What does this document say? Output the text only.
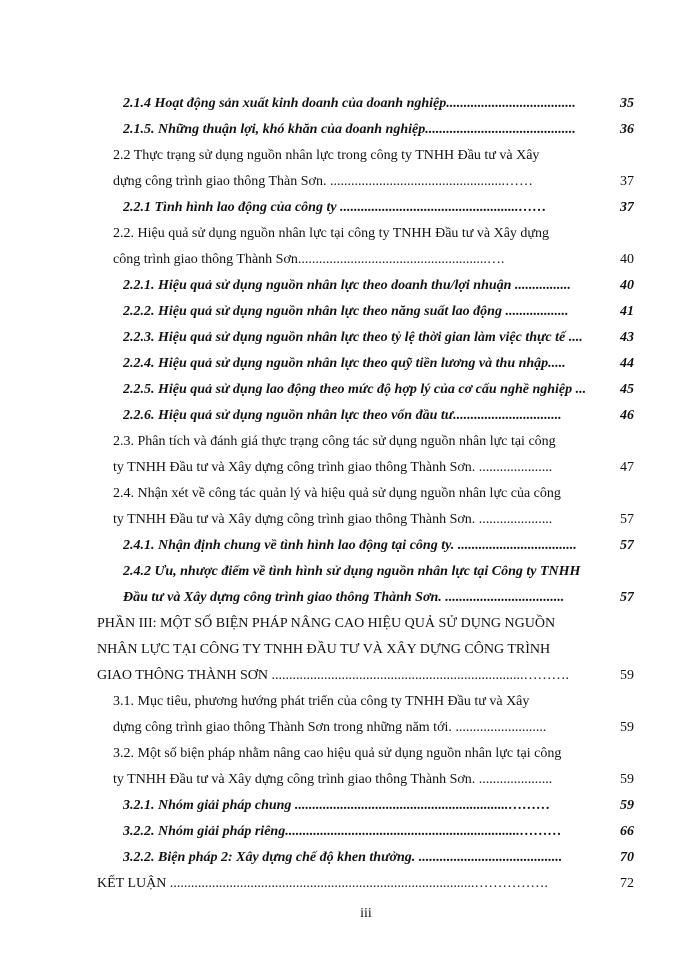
2.1.4 Hoạt động sản xuất kinh doanh của doanh nghiệp.....................................	35
2.1.5. Những thuận lợi, khó khăn của doanh nghiệp...........................................	36
2.2 Thực trạng sử dụng nguồn nhân lực trong công ty TNHH Đầu tư và Xây
dựng công trình giao thông Thàn Sơn. ..................................................……	37
2.2.1 Tình hình lao động của công ty ...................................................……	37
2.2. Hiệu quả sử dụng nguồn nhân lực tại công ty TNHH Đầu tư và Xây dựng
công trình giao thông Thành Sơn......................................................….	40
2.2.1. Hiệu quả sử dụng nguồn nhân lực theo doanh thu/lợi nhuận ................	40
2.2.2. Hiệu quả sử dụng nguồn nhân lực theo năng suất lao động ..................	41
2.2.3. Hiệu quả sử dụng nguồn nhân lực theo tỷ lệ thời gian làm việc thực tế ....	43
2.2.4. Hiệu quả sử dụng nguồn nhân lực theo quỹ tiền lương và thu nhập.....	44
2.2.5. Hiệu quả sử dụng lao động theo mức độ hợp lý của cơ cấu nghề nghiệp ... 45
2.2.6. Hiệu quả sử dụng nguồn nhân lực theo vốn đầu tư...............................	46
2.3. Phân tích và đánh giá thực trạng công tác sử dụng nguồn nhân lực tại công
ty TNHH Đầu tư và Xây dựng công trình giao thông Thành Sơn. .....................	47
2.4. Nhận xét về công tác quản lý và hiệu quả sử dụng nguồn nhân lực của công
ty TNHH Đầu tư và Xây dựng công trình giao thông Thành Sơn. .....................	57
2.4.1. Nhận định chung về tình hình lao động tại công ty. ..................................	57
2.4.2 Ưu, nhược điểm về tình hình sử dụng nguồn nhân lực tại Công ty TNHH
Đầu tư và Xây dựng công trình giao thông Thành Sơn. ..................................	57
PHẦN III: MỘT SỐ BIỆN PHÁP NÂNG CAO HIỆU QUẢ SỬ DỤNG NGUỒN
NHÂN LỰC TẠI CÔNG TY TNHH ĐẦU TƯ VÀ XÂY DỰNG CÔNG TRÌNH
GIAO THÔNG THÀNH SƠN ........................................................................……….	59
3.1. Mục tiêu, phương hướng phát triển của công ty TNHH Đầu tư và Xây
dựng công trình giao thông Thành Sơn trong những năm tới. ..........................	59
3.2. Một số biện pháp nhằm nâng cao hiệu quả sử dụng nguồn nhân lực tại công
ty TNHH Đầu tư và Xây dựng công trình giao thông Thành Sơn. .....................	59
3.2.1. Nhóm giải pháp chung .............................................................………	59
3.2.2. Nhóm giải pháp riêng...................................................................………	66
3.2.2. Biện pháp 2: Xây dựng chế độ khen thưởng. .........................................	70
KẾT LUẬN .......................................................................................…………….	72
iii
